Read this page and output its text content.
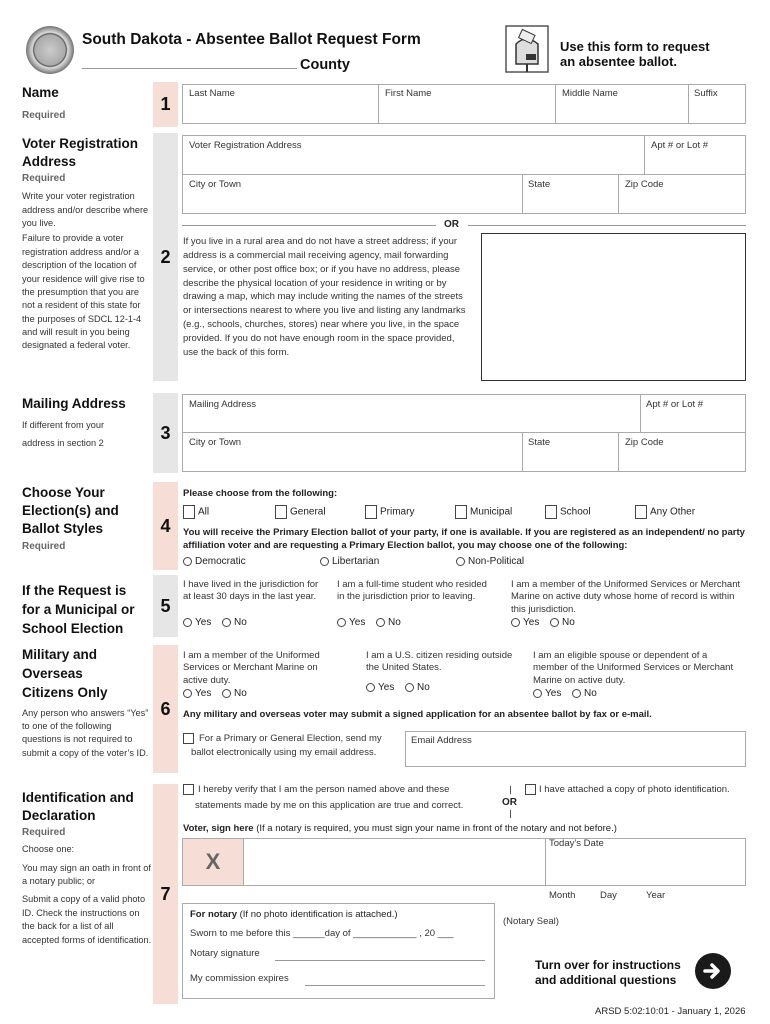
South Dakota - Absentee Ballot Request Form
County
Use this form to request
an absentee ballot.
Name
Required
1
Last Name	First Name	Middle Name	Suffix
Voter Registration
Address
Required
Write your voter registration address and/or describe where you live.
Failure to provide a voter registration address and/or a description of the location of your residence will give rise to the presumption that you are not a resident of this state for the purposes of SDCL 12-1-4 and will result in you being designated a federal voter.
2
Voter Registration Address	Apt # or Lot #
City or Town	State	Zip Code
OR
If you live in a rural area and do not have a street address; if your address is a commercial mail receiving agency, mail forwarding service, or other post office box; or if you have no address, please describe the physical location of your residence in writing or by drawing a map, which may include writing the names of the streets or intersections nearest to where you live and listing any landmarks (e.g., schools, churches, stores) near where you live, in the space provided. If you do not have enough room in the space provided, use the back of this form.
Mailing Address
If different from your
address in section 2
3
Mailing Address	Apt # or Lot #
City or Town	State	Zip Code
Choose Your
Election(s) and
Ballot Styles
Required
4
Please choose from the following:
All	General	Primary	Municipal	School	Any Other
You will receive the Primary Election ballot of your party, if one is available. If you are registered as an independent/ no party affiliation voter and are requesting a Primary Election ballot, you may choose one of the following:
Democratic	Libertarian	Non-Political
If the Request is
for a Municipal or
School Election
5
I have lived in the jurisdiction for at least 30 days in the last year.
Yes	No
I am a full-time student who resided in the jurisdiction prior to leaving.
Yes	No
I am a member of the Uniformed Services or Merchant Marine on active duty whose home of record is within this jurisdiction.
Yes	No
Military and
Overseas
Citizens Only
Any person who answers “Yes” to one of the following questions is not required to submit a copy of the voter’s ID.
6
I am a member of the Uniformed Services or Merchant Marine on active duty.
Yes	No
I am a U.S. citizen residing outside the United States.
Yes	No
I am an eligible spouse or dependent of a member of the Uniformed Services or Merchant Marine on active duty.
Yes	No
Any military and overseas voter may submit a signed application for an absentee ballot by fax or e-mail.
For a Primary or General Election, send my
ballot electronically using my email address.
Email Address
Identification and
Declaration
Required
Choose one:
You may sign an oath in front of a notary public; or
Submit a copy of a valid photo ID. Check the instructions on the back for a list of all accepted forms of identification.
7
I hereby verify that I am the person named above and these
statements made by me on this application are true and correct.	OR
I have attached a copy of photo identification.
Voter, sign here (If a notary is required, you must sign your name in front of the notary and not before.)
X
Today’s Date
Month	Day	Year
For notary (If no photo identification is attached.)
Sworn to me before this ______day of ____________ , 20 ___
Notary signature
My commission expires
(Notary Seal)
Turn over for instructions
and additional questions
ARSD 5:02:10:01 - January 1, 2026
